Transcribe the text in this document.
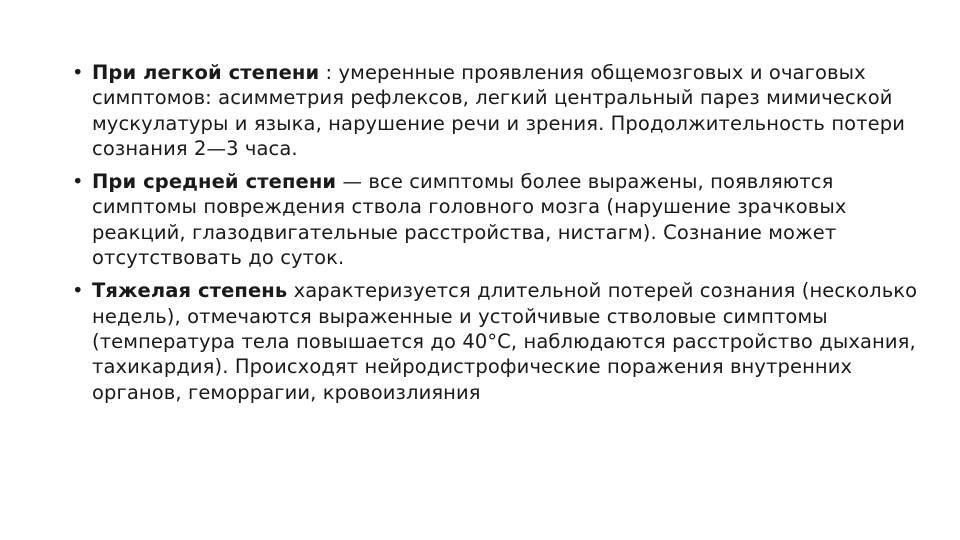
• При легкой степени : умеренные проявления общемозговых и очаговых симптомов: асимметрия рефлексов, легкий центральный парез мимической мускулатуры и языка, нарушение речи и зрения. Продолжительность потери сознания 2—3 часа.
• При средней степени — все симптомы более выражены, появляются симптомы повреждения ствола головного мозга (нарушение зрачковых реакций, глазодвигательные расстройства, нистагм). Сознание может отсутствовать до суток.
• Тяжелая степень характеризуется длительной потерей сознания (несколько недель), отмечаются выраженные и устойчивые стволовые симптомы (температура тела повышается до 40°С, наблюдаются расстройство дыхания, тахикардия). Происходят нейродистрофические поражения внутренних органов, геморрагии, кровоизлияния
